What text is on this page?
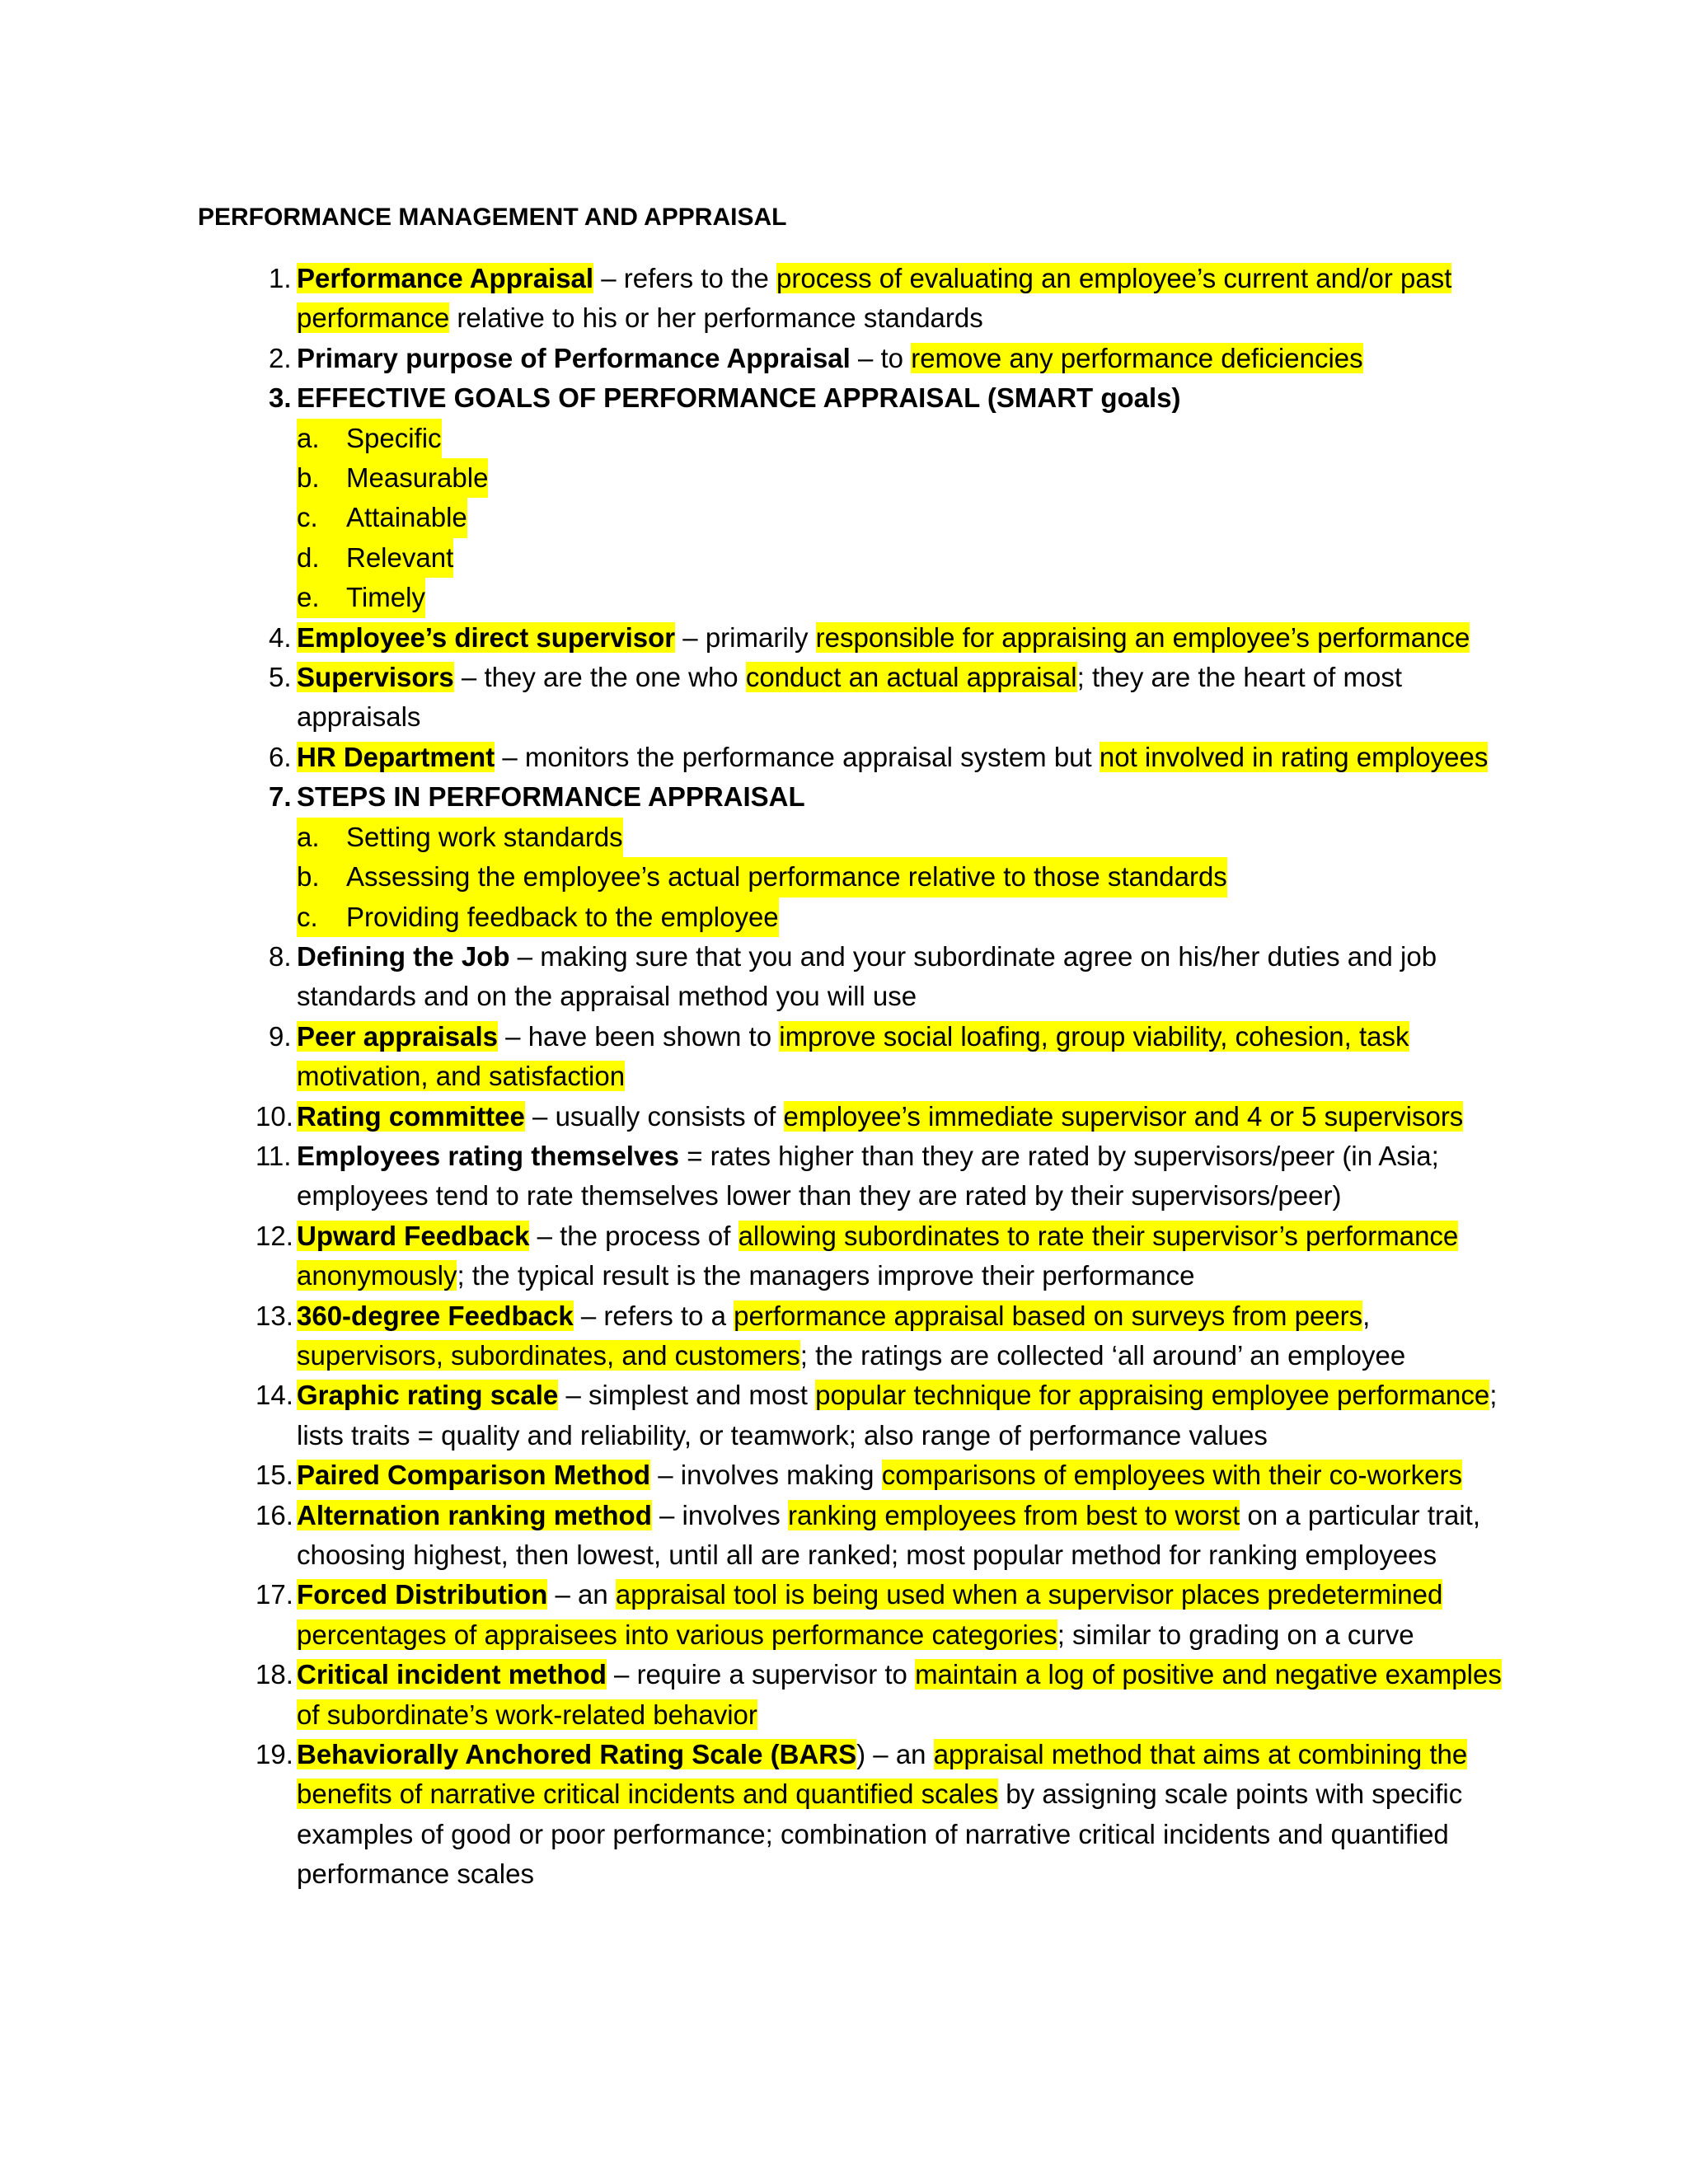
PERFORMANCE MANAGEMENT AND APPRAISAL
1. Performance Appraisal – refers to the process of evaluating an employee’s current and/or past performance relative to his or her performance standards
2. Primary purpose of Performance Appraisal – to remove any performance deficiencies
3. EFFECTIVE GOALS OF PERFORMANCE APPRAISAL (SMART goals)
a. Specific
b. Measurable
c.	Attainable
d. Relevant
e. Timely
4. Employee’s direct supervisor – primarily responsible for appraising an employee’s performance
5. Supervisors – they are the one who conduct an actual appraisal; they are the heart of most appraisals
6. HR Department – monitors the performance appraisal system but not involved in rating employees
7. STEPS IN PERFORMANCE APPRAISAL
a. Setting work standards
b. Assessing the employee’s actual performance relative to those standards
c.	Providing feedback to the employee
8. Defining the Job – making sure that you and your subordinate agree on his/her duties and job standards and on the appraisal method you will use
9. Peer appraisals – have been shown to improve social loafing, group viability, cohesion, task motivation, and satisfaction
10. Rating committee – usually consists of employee’s immediate supervisor and 4 or 5 supervisors
11. Employees rating themselves = rates higher than they are rated by supervisors/peer (in Asia; employees tend to rate themselves lower than they are rated by their supervisors/peer)
12. Upward Feedback – the process of allowing subordinates to rate their supervisor’s performance anonymously; the typical result is the managers improve their performance
13. 360-degree Feedback – refers to a performance appraisal based on surveys from peers, supervisors, subordinates, and customers; the ratings are collected ‘all around’ an employee
14. Graphic rating scale – simplest and most popular technique for appraising employee performance; lists traits = quality and reliability, or teamwork; also range of performance values
15. Paired Comparison Method – involves making comparisons of employees with their co-workers
16. Alternation ranking method – involves ranking employees from best to worst on a particular trait, choosing highest, then lowest, until all are ranked; most popular method for ranking employees
17. Forced Distribution – an appraisal tool is being used when a supervisor places predetermined percentages of appraisees into various performance categories; similar to grading on a curve
18. Critical incident method – require a supervisor to maintain a log of positive and negative examples of subordinate’s work-related behavior
19. Behaviorally Anchored Rating Scale (BARS) – an appraisal method that aims at combining the benefits of narrative critical incidents and quantified scales by assigning scale points with specific examples of good or poor performance; combination of narrative critical incidents and quantified performance scales
